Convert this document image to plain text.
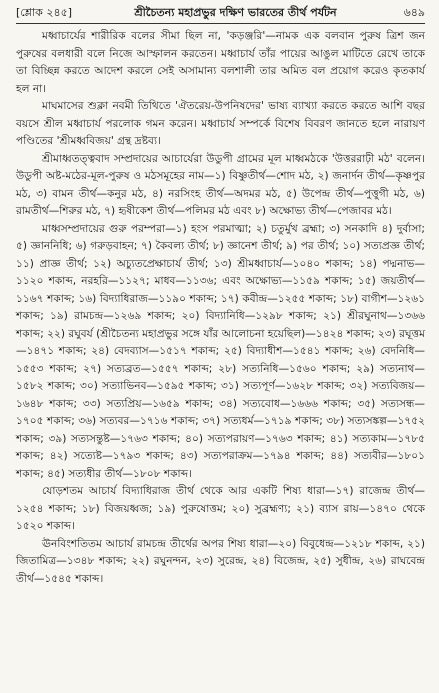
[শ্লোক ২৪৫]	শ্রীচৈতন্য মহাপ্রভুর দক্ষিণ ভারতের তীর্থ পর্যটন	৬৪৯

মধ্বাচার্যের শারীরিক বলের সীমা ছিল না, 'কড়ঞ্জরি'—নামক এক বলবান পুরুষ ত্রিশ জন পুরুষের বলধারী বলে নিজে আস্ফালন করতেন। মধ্বাচার্য তাঁর পায়ের আঙুল মাটিতে রেখে তাকে তা বিচ্ছিন্ন করতে আদেশ করলে সেই অসামান্য বলশালী তার অমিত বল প্রয়োগ করেও কৃতকার্য হল না।

মাঘমাসের শুক্লা নবমী তিথিতে 'ঐতরেয়-উপনিষদের' ভাষ্য ব্যাখ্যা করতে করতে আশি বছর বয়সে শ্রীল মধ্বাচার্য পরলোক গমন করেন। মধ্বাচার্য সম্পর্কে বিশেষ বিবরণ জানতে হলে নারায়ণ পণ্ডিতের 'শ্রীমধ্ববিজয়' গ্রন্থ দ্রষ্টব্য।

শ্রীমাধ্বতত্ত্ববাদ সম্প্রদায়ের আচার্যেরা উডুপী গ্রামের মূল মাধ্বমঠকে 'উত্তররাঢ়ী মঠ' বলেন। উডুপী অষ্ট-মঠের-মূল-পুরুষ ও মঠসমূহের নাম—১) বিষ্ণুতীর্থ—শোদ মঠ, ২) জনার্দন তীর্থ—কৃষ্ণপুর মঠ, ৩) বামন তীর্থ—কনুর মঠ, ৪) নরসিংহ তীর্থ—অদমর মঠ, ৫) উপেন্দ্র তীর্থ—পুত্তুগী মঠ, ৬) রামতীর্থ—শিরুর মঠ, ৭) হৃষীকেশ তীর্থ—পলিমর মঠ এবং ৮) অক্ষোভ্য তীর্থ—পেজাবর মঠ।

মাধ্বসম্প্রদায়ের গুরু পরম্পরা—১) হংস পরমাত্মা; ২) চতুর্মুখ ব্রহ্মা; ৩) সনকাদি ৪) দুর্বাসা; ৫) জ্ঞাননিধি; ৬) গরুড়বাহন; ৭) কৈবল্য তীর্থ; ৮) জ্ঞানেশ তীর্থ; ৯) পর তীর্থ; ১০) সত্যপ্রজ্ঞ তীর্থ; ১১) প্রাজ্ঞ তীর্থ; ১২) অচ্যুতপ্রেক্ষাচার্য তীর্থ; ১৩) শ্রীমধ্বাচার্য—১০৪০ শকাব্দ; ১৪) পদ্মনাভ—১১২০ শকাব্দ, নরহরি—১১২৭; মাধব—১১৩৬; এবং অক্ষোভ্য—১১৫৯ শকাব্দ; ১৫) জয়তীর্থ—১১৬৭ শকাব্দ; ১৬) বিদ্যাধিরাজ—১১৯০ শকাব্দ; ১৭) কবীন্দ্র—১২৫৫ শকাব্দ; ১৮) বাগীশ—১২৬১ শকাব্দ; ১৯) রামচন্দ্র—১২৬৯ শকাব্দ; ২০) বিদ্যানিধি—১২৯৮ শকাব্দ; ২১) শ্রীরঘুনাথ—১৩৬৬ শকাব্দ; ২২) রঘুবর্য (শ্রীচৈতন্য মহাপ্রভুর সঙ্গে যাঁর আলোচনা হয়েছিল)—১৪২৪ শকাব্দ; ২৩) রঘূত্তম—১৪৭১ শকাব্দ; ২৪) বেদব্যাস—১৫১৭ শকাব্দ; ২৫) বিদ্যাধীশ—১৫৪১ শকাব্দ; ২৬) বেদনিধি—১৫৫৩ শকাব্দ; ২৭) সত্যব্রত—১৫৫৭ শকাব্দ; ২৮) সত্যনিধি—১৫৬০ শকাব্দ; ২৯) সত্যনাথ—১৫৮২ শকাব্দ; ৩০) সত্যাভিনব—১৫৯৫ শকাব্দ; ৩১) সত্যপূর্ণ—১৬২৮ শকাব্দ; ৩২) সত্যবিজয়—১৬৪৮ শকাব্দ; ৩৩) সত্যপ্রিয়—১৬৫৯ শকাব্দ; ৩৪) সত্যবোধ—১৬৬৬ শকাব্দ; ৩৫) সত্যসন্ধ—১৭০৫ শকাব্দ; ৩৬) সত্যবর—১৭১৬ শকাব্দ; ৩৭) সত্যধর্ম—১৭১৯ শকাব্দ; ৩৮) সত্যসঙ্কল্প—১৭৫২ শকাব্দ; ৩৯) সত্যসন্তুষ্ট—১৭৬৩ শকাব্দ; ৪০) সত্যপরায়ণ—১৭৬৩ শকাব্দ; ৪১) সত্যকাম—১৭৮৫ শকাব্দ; ৪২) সত্যেষ্ট—১৭৯৩ শকাব্দ; ৪৩) সত্যপরাক্রম—১৭৯৪ শকাব্দ; ৪৪) সত্যবীর—১৮০১ শকাব্দ; ৪৫) সত্যধীর তীর্থ—১৮০৮ শকাব্দ।

যোড়শতম আচার্য বিদ্যাধিরাজ তীর্থ থেকে আর একটি শিষ্য ধারা—১৭) রাজেন্দ্র তীর্থ—১২৫৪ শকাব্দ; ১৮) বিজয়ধ্বজ; ১৯) পুরুষোত্তম; ২০) সুব্রহ্মণ্য; ২১) ব্যাস রায়—১৪৭০ থেকে ১৫২০ শকাব্দ।

ঊনবিংশতিতম আচার্য রামচন্দ্র তীর্থের অপর শিষ্য ধারা—২০) বিবুধেন্দ্র—১২১৮ শকাব্দ, ২১) জিতামিত্র—১৩৪৮ শকাব্দ; ২২) রঘুনন্দন, ২৩) সুরেন্দ্র, ২৪) বিজেন্দ্র, ২৫) সুধীন্দ্র, ২৬) রাঘবেন্দ্র তীর্থ—১৫৪৫ শকাব্দ।
